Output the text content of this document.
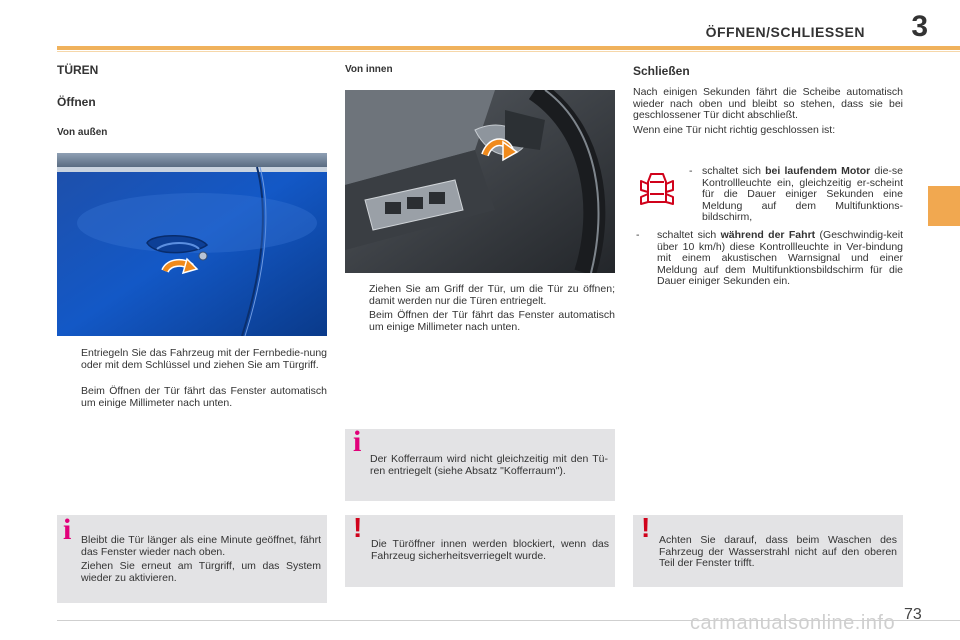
ÖFFNEN/SCHLIESSEN 3
TÜREN
Öffnen
Von außen
Entriegeln Sie das Fahrzeug mit der Fernbedie-nung oder mit dem Schlüssel und ziehen Sie am Türgriff.
Beim Öffnen der Tür fährt das Fenster automatisch um einige Millimeter nach unten.
i Bleibt die Tür länger als eine Minute geöffnet, fährt das Fenster wieder nach oben.
Ziehen Sie erneut am Türgriff, um das System wieder zu aktivieren.
Von innen
Ziehen Sie am Griff der Tür, um die Tür zu öffnen; damit werden nur die Türen entriegelt.
Beim Öffnen der Tür fährt das Fenster automatisch um einige Millimeter nach unten.
i
Der Kofferraum wird nicht gleichzeitig mit den Tü-ren entriegelt (siehe Absatz "Kofferraum").
!
Die Türöffner innen werden blockiert, wenn das Fahrzeug sicherheitsverriegelt wurde.
Schließen
Nach einigen Sekunden fährt die Scheibe automatisch wieder nach oben und bleibt so stehen, dass sie bei geschlossener Tür dicht abschließt.
Wenn eine Tür nicht richtig geschlossen ist:
- schaltet sich bei laufendem Motor die-se Kontrollleuchte ein, gleichzeitig er-scheint für die Dauer einiger Sekunden eine Meldung auf dem Multifunktions-bildschirm,
- schaltet sich während der Fahrt (Geschwindig-keit über 10 km/h) diese Kontrollleuchte in Ver-bindung mit einem akustischen Warnsignal und einer Meldung auf dem Multifunktionsbildschirm für die Dauer einiger Sekunden ein.
! Achten Sie darauf, dass beim Waschen des Fahrzeug der Wasserstrahl nicht auf den oberen Teil der Fenster trifft.
carmanualsonline.info 73
